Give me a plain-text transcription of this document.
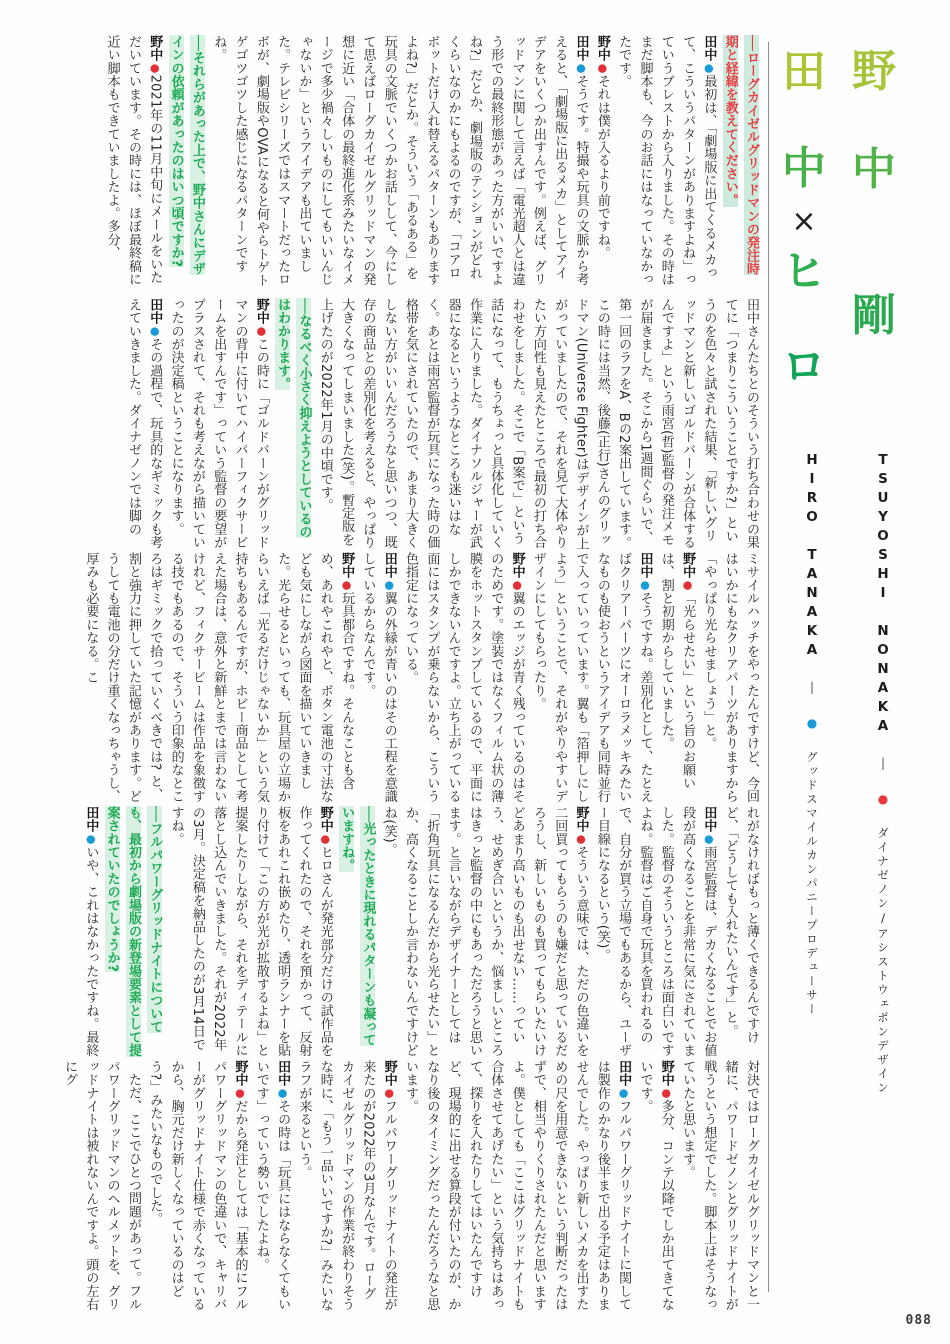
野
中
剛
田
中
×
ヒ
ロ
TSUYOSHI NONAKA | ● ダイナゼノン/アシストウェポンデザイン
HIRO TANAKA | ● グッドスマイルカンパニープロデューサー

──ローグカイゼルグリッドマンの発注時期と経緯を教えてください。

田中●最初は、「劇場版に出てくるメカって、こういうパターンがありますよね」っていうブレストから入りました。その時はまだ脚本も、今のお話にはなっていなかったです。

野中●それは僕が入るより前ですね。

田中●そうです。特撮や玩具の文脈から考えると、「劇場版に出るメカ」としてアイデアをいくつか出すんです。例えば、グリッドマンに関して言えば「電光超人とは違う形での最終形態があった方がいいですよね?」だとか、劇場版のテンションがどれくらいなのかにもよるのですが、「コアロボットだけ入れ替えるパターンもありますよね?」だとか。そういう「あるある」を玩具の文脈でいくつかお話しして、今にして思えばローグカイゼルグリッドマンの発想に近い「合体の最終進化系みたいなイメージで多少禍々しいものにしてもいいんじゃないか」というアイデアも出ていました。テレビシリーズではスマートだったロボが、劇場版やOVAになると何やらトゲトゲゴツゴツした感じになるパターンですね。

──それらがあった上で、野中さんにデザインの依頼があったのはいつ頃ですか?

野中●2021年の11月中旬にメールをいただいています。その時には、ほぼ最終稿に近い脚本もできていましたよ。多分、

田中さんたちとのそういう打ち合わせの果てに「つまりこういうことですか?」というのを色々と試された結果、「新しいグリッドマンと新しいゴルドバーンが合体するんですよ」という雨宮(哲)監督の発注メモが届きました。そこから1週間ぐらいで、第一回のラフをA、Bの2案出しています。この時には当然、後藤(正行)さんのグリッドマン(Universe Fighter)はデザインが上がっていましたので、それを見て大体やりたい方向性も見えたところで最初の打ち合わせをしました。そこで「B案で」という話になって、もうちょっと具体化していく作業に入りました。ダイナソルジャーが武器になるというようなところも迷いはなく。あとは雨宮監督が玩具になった時の価格帯を気にされていたので、あまり大きくしない方がいいんだろうなと思いつつ、既存の商品との差別化を考えると、やっぱり大きくなってしまいました(笑)。暫定版を上げたのが2022年1月の中頃です。

──なるべく小さく抑えようとしているのはわかります。

野中●この時に「ゴルドバーンがグリッドマンの背中に付いてハイパーフィクサービームを出すんです」っていう監督の要望がプラスされて、それも考えながら描いていったのが決定稿ということになります。

田中●その過程で、玩具的なギミックも考えていきました。ダイナゼノンでは脚の

ミサイルハッチをやったんですけど、今回はいかにもなクリアパーツがありますから「やっぱり光らせましょう」と。

野中●「光らせたい」という旨のお願いは、割と初期からしていました。

田中●そうですね。差別化として、たとえばクリアーパーツにオーロラメッキみたいなものも使おうというアイデアも同時並行で入っていっています。翼も「箔押しにしよう」ということで、それがやりやすいデザインにしてもらったり。

野中●翼のエッジが青く残っているのはそのためです。塗装ではなくフィルム状の薄膜をホットスタンプしているので、平面にしかできないんですよ。立ち上がっている面にはスタンプが乗らないから、こういう色指定になっている。

田中●翼の外縁が青いのはその工程を意識しているからなんです。

野中●玩具都合ですね。そんなことも含め、あれやこれやと、ボタン電池の寸法なども気にしながら図面を描いていきました。光らせるといっても、玩具屋の立場からいえば「光るだけじゃないか」という気持ちもあるんですが、ホビー商品として考えた場合は、意外と新鮮とまでは言わないけれど、フィクサービームは作品を象徴する技でもあるので、そういう印象的なところはギミックで拾っていくべきでは? と、割と強力に押していた記憶があります。どうしても電池の分だけ重くなっちゃうし、厚みも必要になる。こ

れがなければもっと薄くできるんですけど、「どうしても入れたいんです」と。

田中●雨宮監督は、デカくなることでお値段が高くなることを非常に気にされていました。監督のそういうところは面白いですよね。監督はご自身で玩具を買われるので、自分が買う立場でもあるから、ユーザー目線になるという(笑)。

野中●そういう意味では、ただの色違いを二回買ってもらうのも嫌だと思っているだろうし、新しいものも買ってもらいたいけどあまり高いものも出せない……っていう、せめぎ合いというか、悩ましいところはきっと監督の中にもあっただろうと思います。と言いながらデザイナーとしては「折角玩具になるんだから光らせたい」とか、高くなることしか言わないんですけどね(笑)。

──光ったときに現れるパターンも凝っていますね。

野中●ヒロさんが発光部分だけの試作品を作ってくれたので、それを預かって、反射板をあれこれ嵌めたり、透明ランナーを貼り付けて「この方が光が拡散するよね」と提案したりしながら、それをディテールに落とし込んでいきました。それが2022年の3月。決定稿を納品したのが3月14日ですね。

──フルパワーグリッドナイトについても、最初から劇場版の新登場要素として提案されていたのでしょうか?

田中●いや、これはなかったですね。最終

対決ではローグカイゼルグリッドマンと一緒に、パワードゼノンとグリッドナイトが戦うという想定でした。脚本上はそうなっていたと思います。

野中●多分、コンテ以降でしか出てきてないです。

田中●フルパワーグリッドナイトに関しては製作のかなり後半まで出る予定はありませんでした。やっぱり新しいメカを出すための尺を用意できないという判断だったはずで、相当やりくりされたんだと思いますよ。僕としても「ここはグリッドナイトも合体させてあげたい」という気持ちはあって、探りを入れたりしてはいたんですけど、現場的に出せる算段が付いたのが、かなり後のタイミングだったんだろうなと思います。

野中●フルパワーグリッドナイトの発注が来たのが2022年の3月なんです。ローグカイゼルグリッドマンの作業が終わりそうな時に、「もう一品いいですか?」みたいなラフが来るという。

田中●その時は「玩具にはならなくてもいいです」っていう勢いでしたよね。

野中●だから発注としては「基本的にフルパワーグリッドマンの色違いで、キャリバーがグリッドナイト仕様で赤くなっているから、胸元だけ新しくなっているのはどう?」みたいなものでした。

ただ、ここでひとつ問題があって。フルパワーグリッドマンのヘルメットを、グリッドナイトは被れないんですよ。頭の左右にグ

088
